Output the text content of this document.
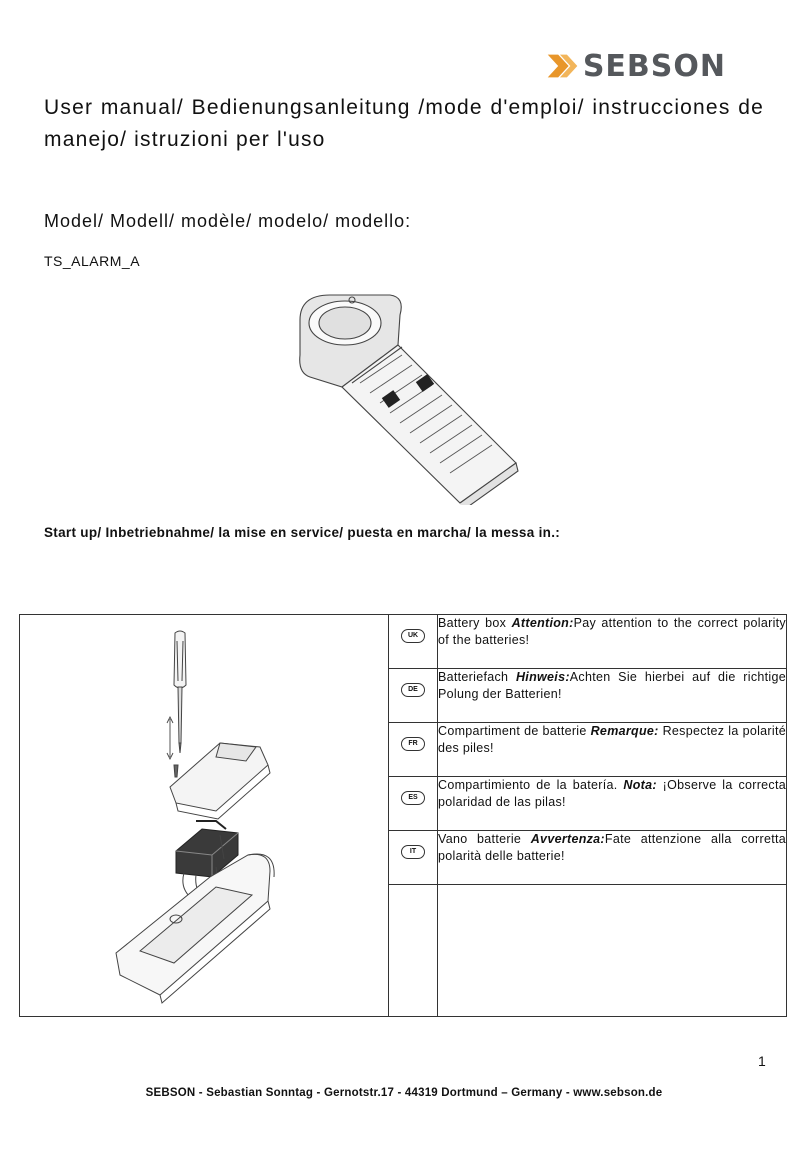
SEBSON
User manual/ Bedienungsanleitung /mode d'emploi/ instrucciones de manejo/ istruzioni per l'uso
Model/ Modell/ modèle/ modelo/ modello:
TS_ALARM_A
Start up/ Inbetriebnahme/ la mise en service/ puesta en marcha/ la messa in.:
	UK	Battery box Attention:Pay attention to the correct polarity of the batteries!
	DE	Batteriefach Hinweis:Achten Sie hierbei auf die richtige Polung der Batterien!
	FR	Compartiment de batterie Remarque: Respectez la polarité des piles!
	ES	Compartimiento de la batería. Nota: ¡Observe la correcta polaridad de las pilas!
	IT	Vano batterie Avvertenza:Fate attenzione alla corretta polarità delle batterie!

1
SEBSON - Sebastian Sonntag - Gernotstr.17 - 44319 Dortmund – Germany - www.sebson.de
